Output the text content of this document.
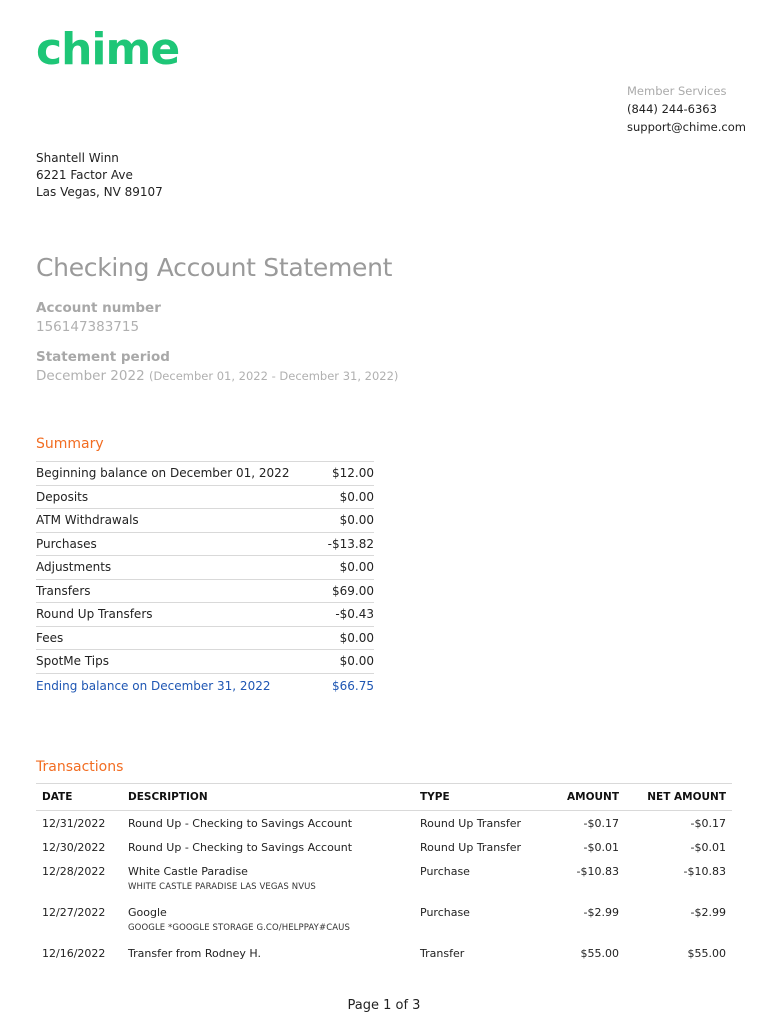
chime
Member Services
(844) 244-6363
support@chime.com
Shantell Winn
6221 Factor Ave
Las Vegas, NV 89107
Checking Account Statement
Account number
156147383715
Statement period
December 2022 (December 01, 2022 - December 31, 2022)
Summary
Beginning balance on December 01, 2022	$12.00
Deposits	$0.00
ATM Withdrawals	$0.00
Purchases	-$13.82
Adjustments	$0.00
Transfers	$69.00
Round Up Transfers	-$0.43
Fees	$0.00
SpotMe Tips	$0.00
Ending balance on December 31, 2022	$66.75
Transactions
DATE	DESCRIPTION	TYPE	AMOUNT	NET AMOUNT
12/31/2022	Round Up - Checking to Savings Account	Round Up Transfer	-$0.17	-$0.17
12/30/2022	Round Up - Checking to Savings Account	Round Up Transfer	-$0.01	-$0.01
12/28/2022	White Castle Paradise
WHITE CASTLE PARADISE LAS VEGAS NVUS	Purchase	-$10.83	-$10.83
12/27/2022	Google
GOOGLE *GOOGLE STORAGE G.CO/HELPPAY#CAUS	Purchase	-$2.99	-$2.99
12/16/2022	Transfer from Rodney H.	Transfer	$55.00	$55.00
Page 1 of 3
